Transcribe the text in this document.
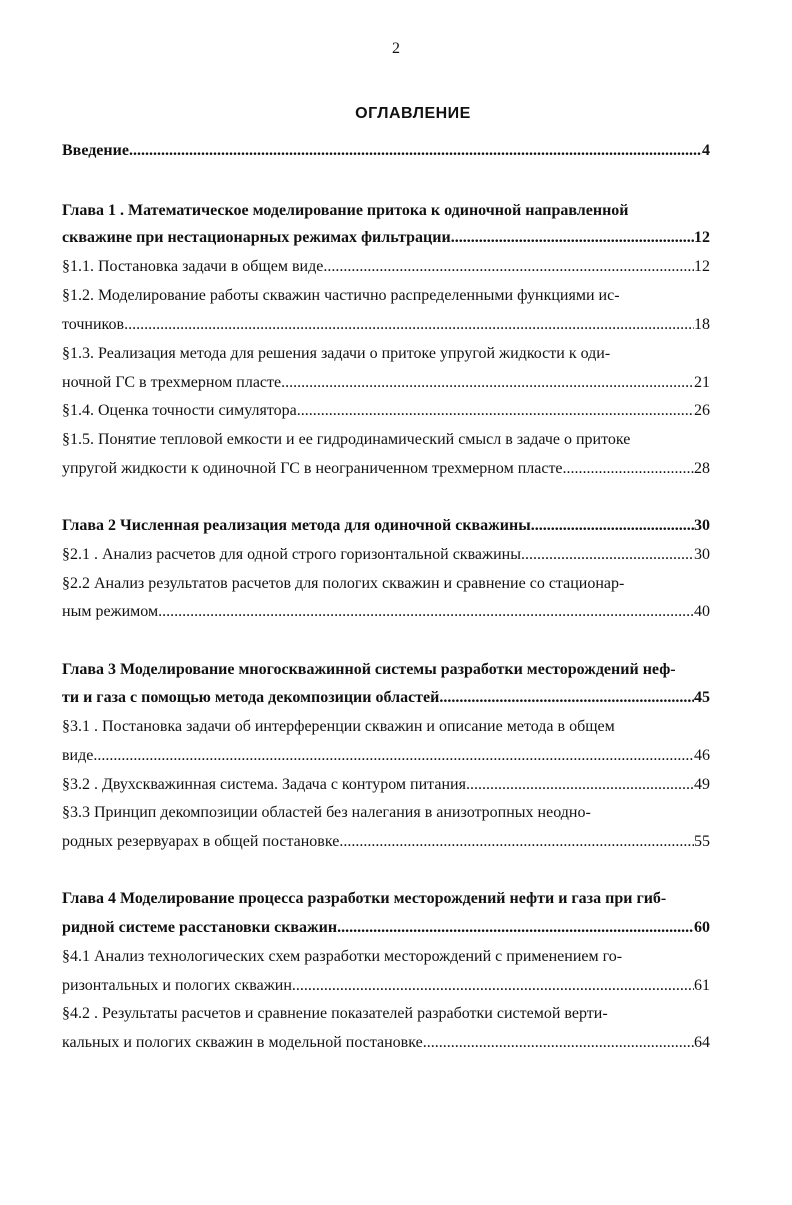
2
ОГЛАВЛЕНИЕ
Введение .....	4
Глава 1 . Математическое моделирование притока к одиночной направленной
скважине при нестационарных режимах фильтрации .....	12
§1.1. Постановка задачи в общем виде .....	12
§1.2. Моделирование работы скважин частично распределенными функциями ис-
точников .....	18
§1.3. Реализация метода для решения задачи о притоке упругой жидкости к оди-
ночной ГС в трехмерном пласте .....	21
§1.4. Оценка точности симулятора .....	26
§1.5. Понятие тепловой емкости и ее гидродинамический смысл в задаче о притоке
упругой жидкости к одиночной ГС в неограниченном трехмерном пласте .....	28
Глава 2 Численная реализация метода для одиночной скважины .....	30
§2.1 . Анализ расчетов для одной строго горизонтальной скважины. .....	30
§2.2 Анализ результатов расчетов для пологих скважин и сравнение со стационар-
ным режимом. .....	40
Глава 3 Моделирование многоскважинной системы разработки месторождений неф-
ти и газа с помощью метода декомпозиции областей .....	45
§3.1 . Постановка задачи об интерференции скважин и описание метода в общем
виде .....	46
§3.2 . Двухскважинная система. Задача с контуром питания .....	49
§3.3 Принцип декомпозиции областей без налегания в анизотропных неодно-
родных резервуарах в общей постановке .....	55
Глава 4 Моделирование процесса разработки месторождений нефти и газа при гиб-
ридной системе расстановки скважин .....	60
§4.1 Анализ технологических схем разработки месторождений с применением го-
ризонтальных и пологих скважин. .....	61
§4.2 . Результаты расчетов и сравнение показателей разработки системой верти-
кальных и пологих скважин в модельной постановке .....	64
